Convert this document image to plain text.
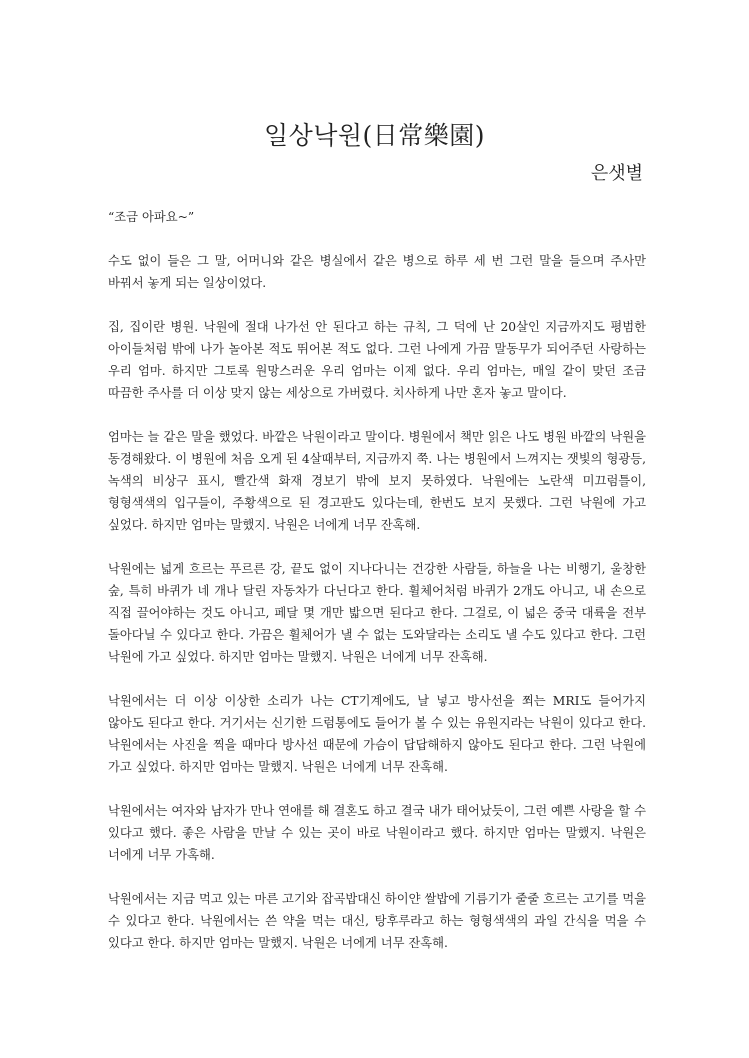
일상낙원(日常樂園)
은샛별

“조금 아파요~”

수도 없이 들은 그 말, 어머니와 같은 병실에서 같은 병으로 하루 세 번 그런 말을 들으며 주사만 바꿔서 놓게 되는 일상이었다.

집, 집이란 병원. 낙원에 절대 나가선 안 된다고 하는 규칙, 그 덕에 난 20살인 지금까지도 평범한 아이들처럼 밖에 나가 놀아본 적도 뛰어본 적도 없다. 그런 나에게 가끔 말동무가 되어주던 사랑하는 우리 엄마. 하지만 그토록 원망스러운 우리 엄마는 이제 없다. 우리 엄마는, 매일 같이 맞던 조금 따끔한 주사를 더 이상 맞지 않는 세상으로 가버렸다. 치사하게 나만 혼자 놓고 말이다.

엄마는 늘 같은 말을 했었다. 바깥은 낙원이라고 말이다. 병원에서 책만 읽은 나도 병원 바깥의 낙원을 동경해왔다. 이 병원에 처음 오게 된 4살때부터, 지금까지 쭉. 나는 병원에서 느껴지는 잿빛의 형광등, 녹색의 비상구 표시, 빨간색 화재 경보기 밖에 보지 못하였다. 낙원에는 노란색 미끄럼틀이, 형형색색의 입구들이, 주황색으로 된 경고판도 있다는데, 한번도 보지 못했다. 그런 낙원에 가고 싶었다. 하지만 엄마는 말했지. 낙원은 너에게 너무 잔혹해.

낙원에는 넓게 흐르는 푸르른 강, 끝도 없이 지나다니는 건강한 사람들, 하늘을 나는 비행기, 울창한 숲, 특히 바퀴가 네 개나 달린 자동차가 다닌다고 한다. 휠체어처럼 바퀴가 2개도 아니고, 내 손으로 직접 끌어야하는 것도 아니고, 페달 몇 개만 밟으면 된다고 한다. 그걸로, 이 넓은 중국 대륙을 전부 돌아다닐 수 있다고 한다. 가끔은 휠체어가 낼 수 없는 도와달라는 소리도 낼 수도 있다고 한다. 그런 낙원에 가고 싶었다. 하지만 엄마는 말했지. 낙원은 너에게 너무 잔혹해.

낙원에서는 더 이상 이상한 소리가 나는 CT기계에도, 날 넣고 방사선을 쬐는 MRI도 들어가지 않아도 된다고 한다. 거기서는 신기한 드럼통에도 들어가 볼 수 있는 유원지라는 낙원이 있다고 한다. 낙원에서는 사진을 찍을 때마다 방사선 때문에 가슴이 답답해하지 않아도 된다고 한다. 그런 낙원에 가고 싶었다. 하지만 엄마는 말했지. 낙원은 너에게 너무 잔혹해.

낙원에서는 여자와 남자가 만나 연애를 해 결혼도 하고 결국 내가 태어났듯이, 그런 예쁜 사랑을 할 수 있다고 했다. 좋은 사람을 만날 수 있는 곳이 바로 낙원이라고 했다. 하지만 엄마는 말했지. 낙원은 너에게 너무 가혹해.

낙원에서는 지금 먹고 있는 마른 고기와 잡곡밥대신 하이얀 쌀밥에 기름기가 줄줄 흐르는 고기를 먹을 수 있다고 한다. 낙원에서는 쓴 약을 먹는 대신, 탕후루라고 하는 형형색색의 과일 간식을 먹을 수 있다고 한다. 하지만 엄마는 말했지. 낙원은 너에게 너무 잔혹해.
